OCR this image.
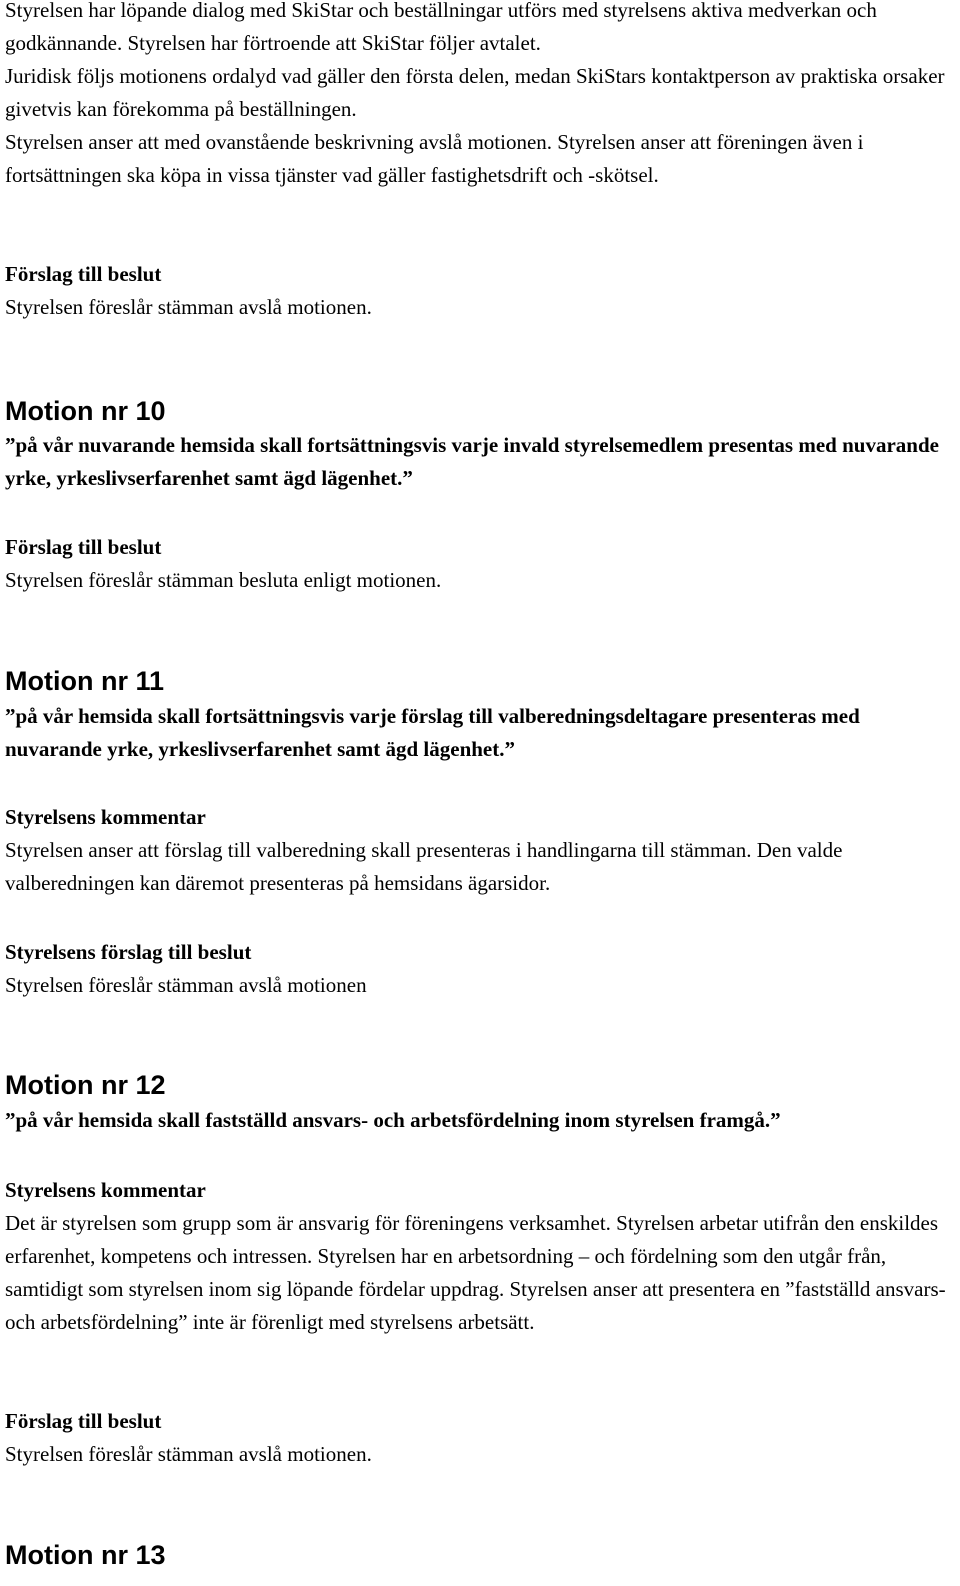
Styrelsen har löpande dialog med SkiStar och beställningar utförs med styrelsens aktiva medverkan och godkännande. Styrelsen har förtroende att SkiStar följer avtalet.

Juridisk följs motionens ordalyd vad gäller den första delen, medan SkiStars kontaktperson av praktiska orsaker givetvis kan förekomma på beställningen.

Styrelsen anser att med ovanstående beskrivning avslå motionen. Styrelsen anser att föreningen även i fortsättningen ska köpa in vissa tjänster vad gäller fastighetsdrift och -skötsel.

Förslag till beslut

Styrelsen föreslår stämman avslå motionen.

Motion nr 10

”på vår nuvarande hemsida skall fortsättningsvis varje invald styrelsemedlem presentas med nuvarande yrke, yrkeslivserfarenhet samt ägd lägenhet.”

Förslag till beslut

Styrelsen föreslår stämman besluta enligt motionen.

Motion nr 11

”på vår hemsida skall fortsättningsvis varje förslag till valberedningsdeltagare presenteras med nuvarande yrke, yrkeslivserfarenhet samt ägd lägenhet.”

Styrelsens kommentar

Styrelsen anser att förslag till valberedning skall presenteras i handlingarna till stämman. Den valde valberedningen kan däremot presenteras på hemsidans ägarsidor.

Styrelsens förslag till beslut

Styrelsen föreslår stämman avslå motionen

Motion nr 12

”på vår hemsida skall fastställd ansvars- och arbetsfördelning inom styrelsen framgå.”

Styrelsens kommentar

Det är styrelsen som grupp som är ansvarig för föreningens verksamhet. Styrelsen arbetar utifrån den enskildes erfarenhet, kompetens och intressen. Styrelsen har en arbetsordning – och fördelning som den utgår från, samtidigt som styrelsen inom sig löpande fördelar uppdrag. Styrelsen anser att presentera en ”fastställd ansvars- och arbetsfördelning” inte är förenligt med styrelsens arbetsätt.

Förslag till beslut

Styrelsen föreslår stämman avslå motionen.

Motion nr 13
